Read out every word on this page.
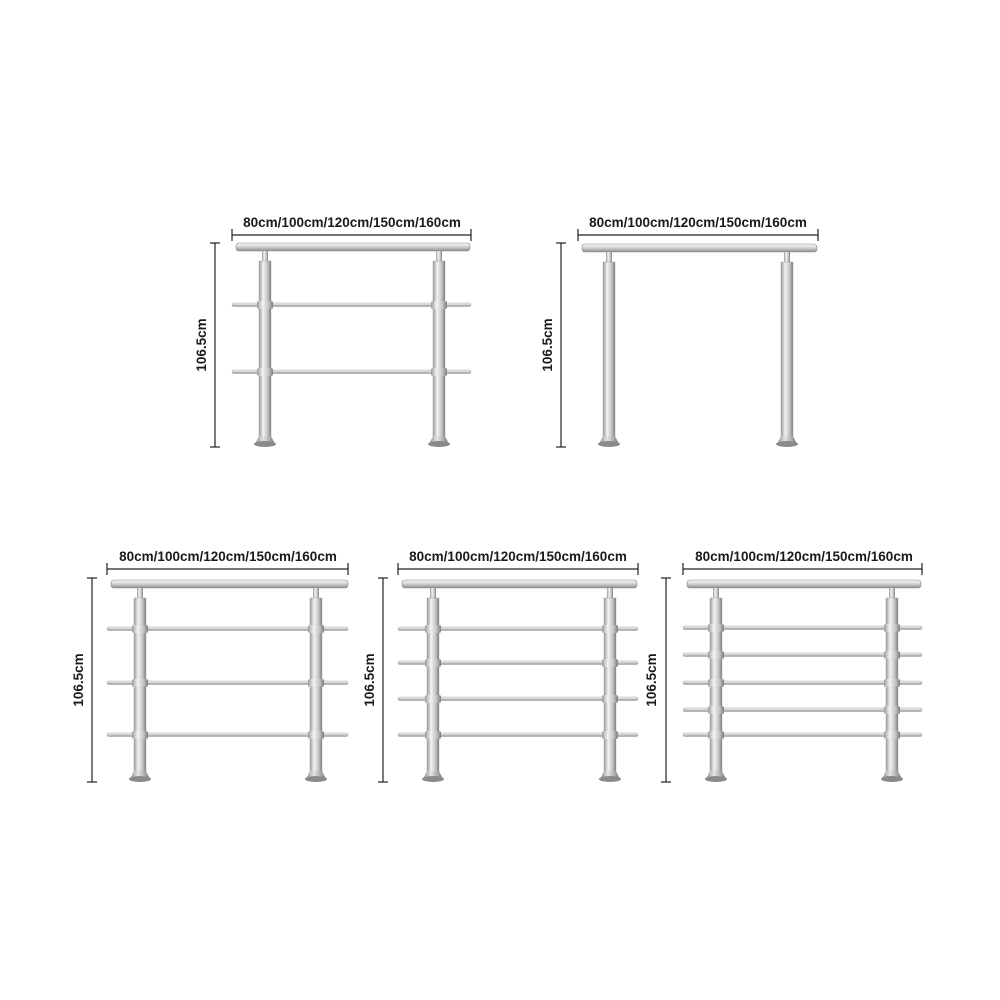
80cm/100cm/120cm/150cm/160cm
106.5cm
80cm/100cm/120cm/150cm/160cm
106.5cm
80cm/100cm/120cm/150cm/160cm
106.5cm
80cm/100cm/120cm/150cm/160cm
106.5cm
80cm/100cm/120cm/150cm/160cm
106.5cm
